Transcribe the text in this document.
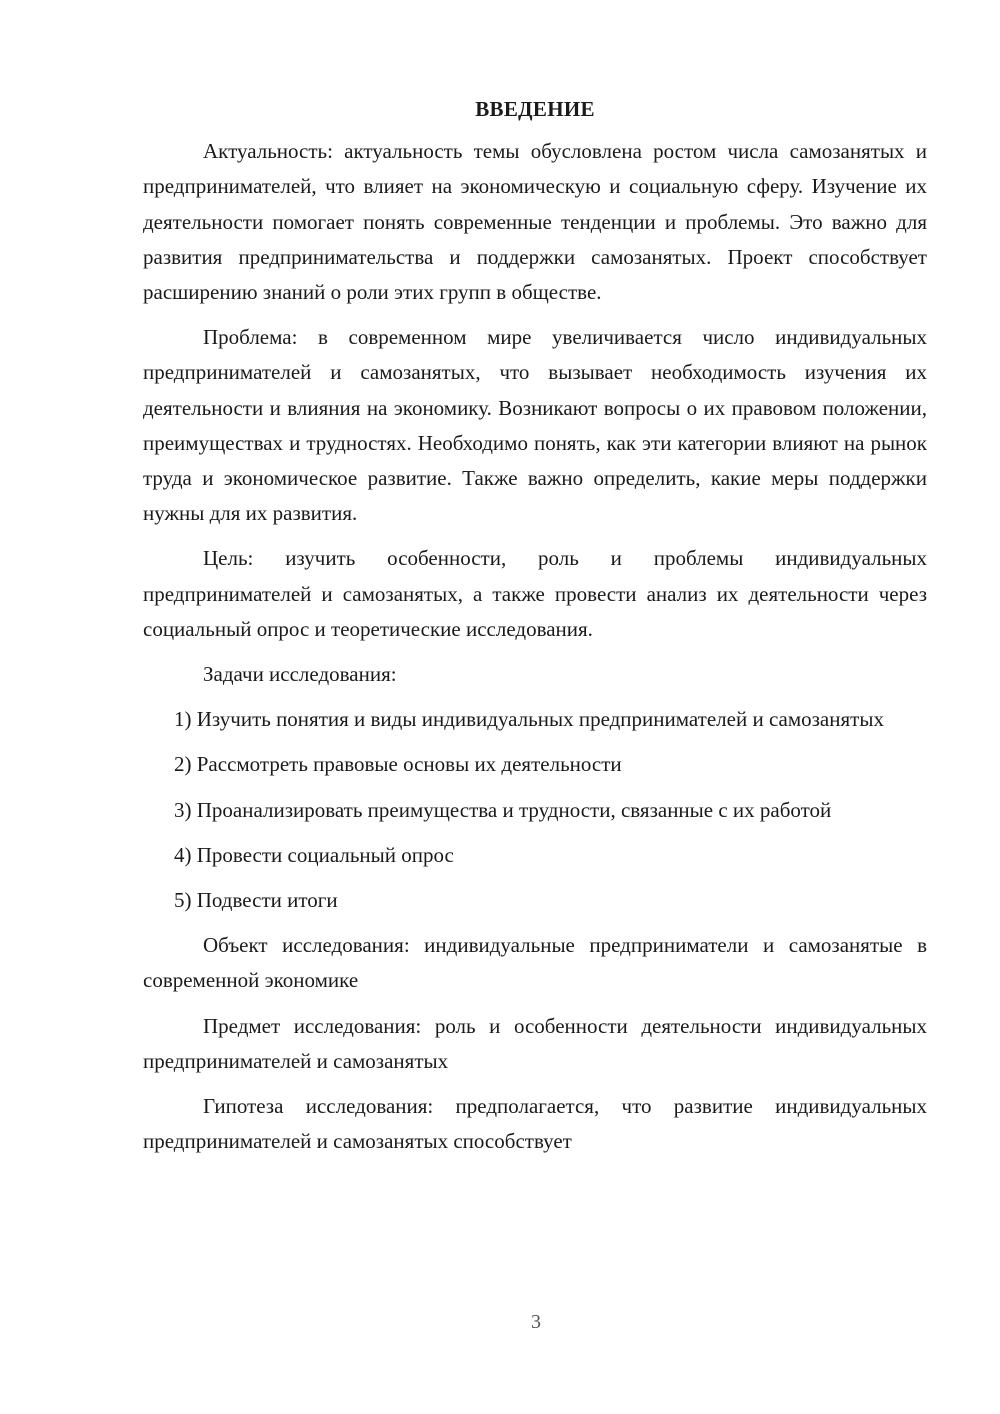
ВВЕДЕНИЕ

Актуальность: актуальность темы обусловлена ростом числа самозанятых и предпринимателей, что влияет на экономическую и социальную сферу. Изучение их деятельности помогает понять современные тенденции и проблемы. Это важно для развития предпринимательства и поддержки самозанятых. Проект способствует расширению знаний о роли этих групп в обществе.

Проблема: в современном мире увеличивается число индивидуальных предпринимателей и самозанятых, что вызывает необходимость изучения их деятельности и влияния на экономику. Возникают вопросы о их правовом положении, преимуществах и трудностях. Необходимо понять, как эти категории влияют на рынок труда и экономическое развитие. Также важно определить, какие меры поддержки нужны для их развития.

Цель: изучить особенности, роль и проблемы индивидуальных предпринимателей и самозанятых, а также провести анализ их деятельности через социальный опрос и теоретические исследования.

Задачи исследования:

1) Изучить понятия и виды индивидуальных предпринимателей и самозанятых

2) Рассмотреть правовые основы их деятельности

3) Проанализировать преимущества и трудности, связанные с их работой

4) Провести социальный опрос

5) Подвести итоги

Объект исследования: индивидуальные предприниматели и самозанятые в современной экономике

Предмет исследования: роль и особенности деятельности индивидуальных предпринимателей и самозанятых

Гипотеза исследования: предполагается, что развитие индивидуальных предпринимателей и самозанятых способствует

3
